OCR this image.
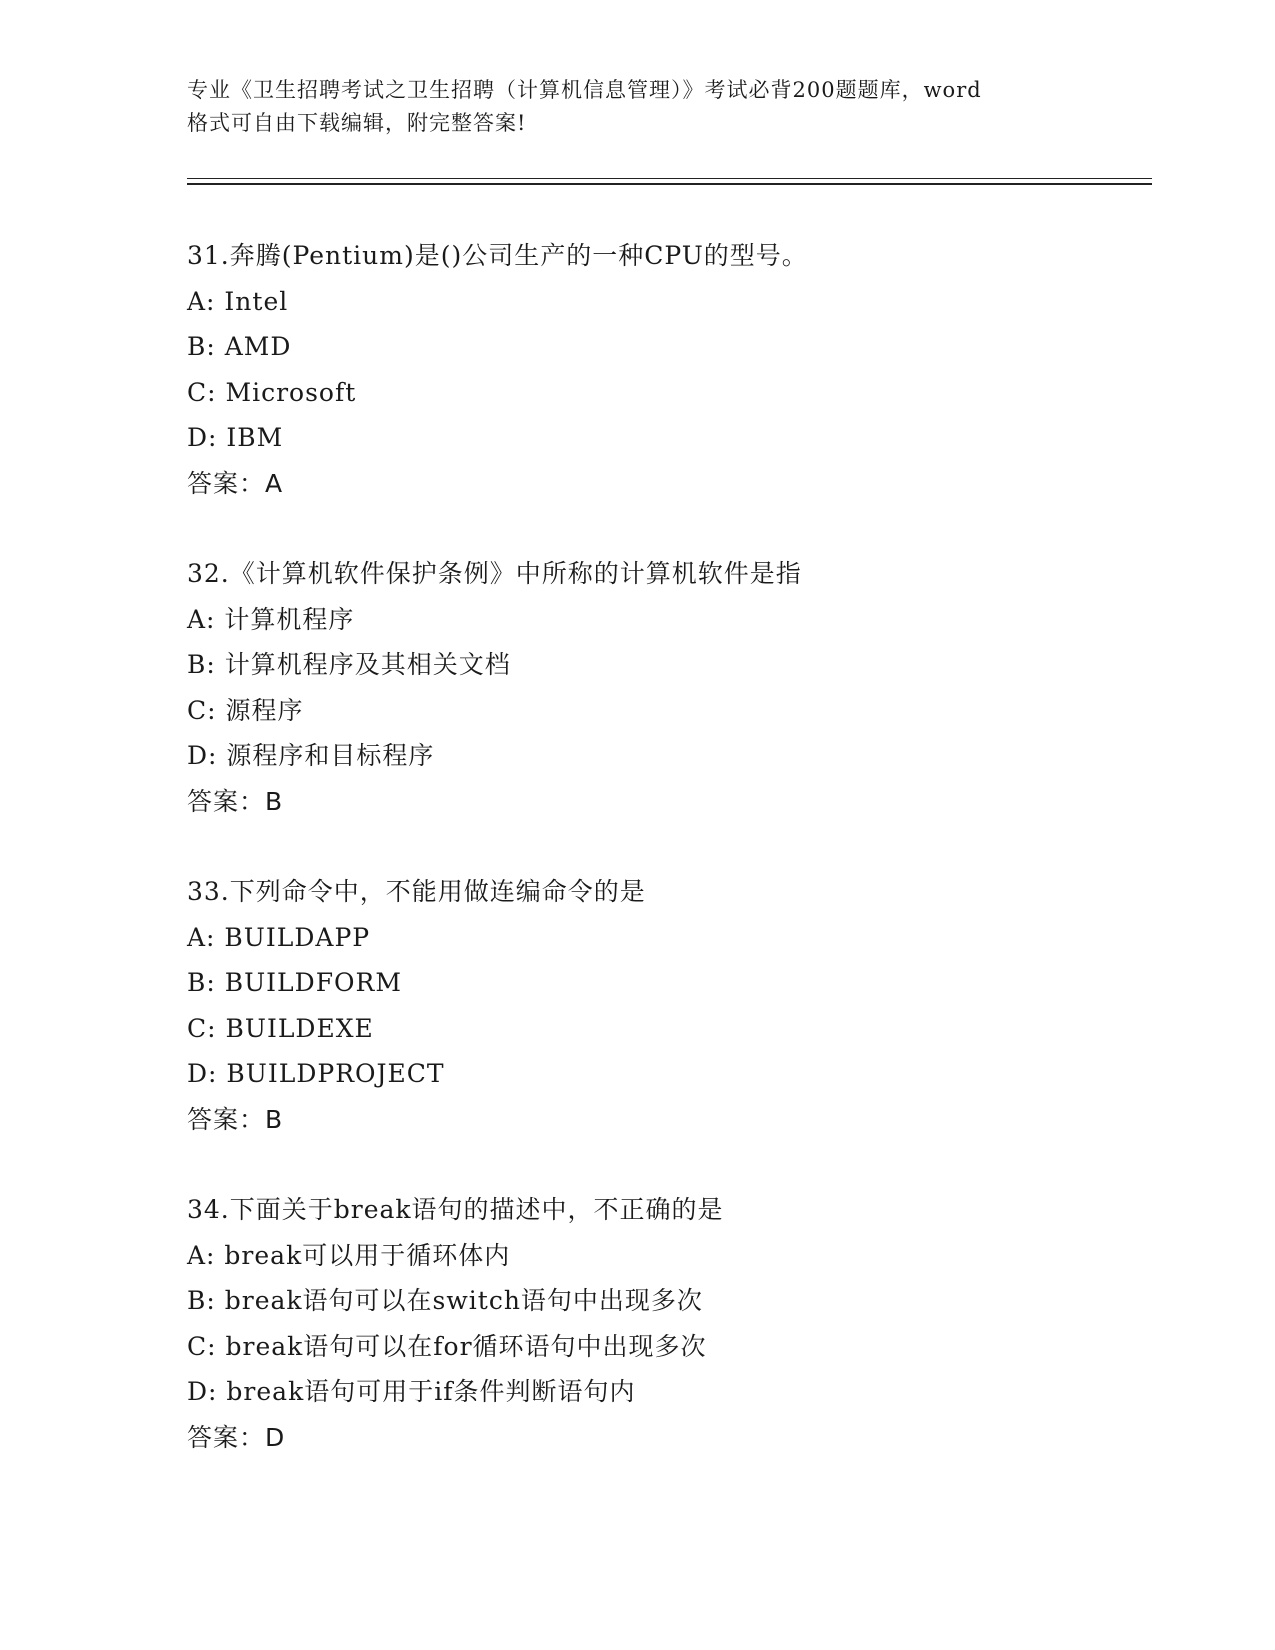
专业《卫生招聘考试之卫生招聘（计算机信息管理）》考试必背200题题库，word
格式可自由下载编辑，附完整答案!
31.奔腾(Pentium)是()公司生产的一种CPU的型号。
A: Intel
B: AMD
C: Microsoft
D: IBM
答案：A
32.《计算机软件保护条例》中所称的计算机软件是指
A: 计算机程序
B: 计算机程序及其相关文档
C: 源程序
D: 源程序和目标程序
答案：B
33.下列命令中，不能用做连编命令的是
A: BUILDAPP
B: BUILDFORM
C: BUILDEXE
D: BUILDPROJECT
答案：B
34.下面关于break语句的描述中，不正确的是
A: break可以用于循环体内
B: break语句可以在switch语句中出现多次
C: break语句可以在for循环语句中出现多次
D: break语句可用于if条件判断语句内
答案：D
